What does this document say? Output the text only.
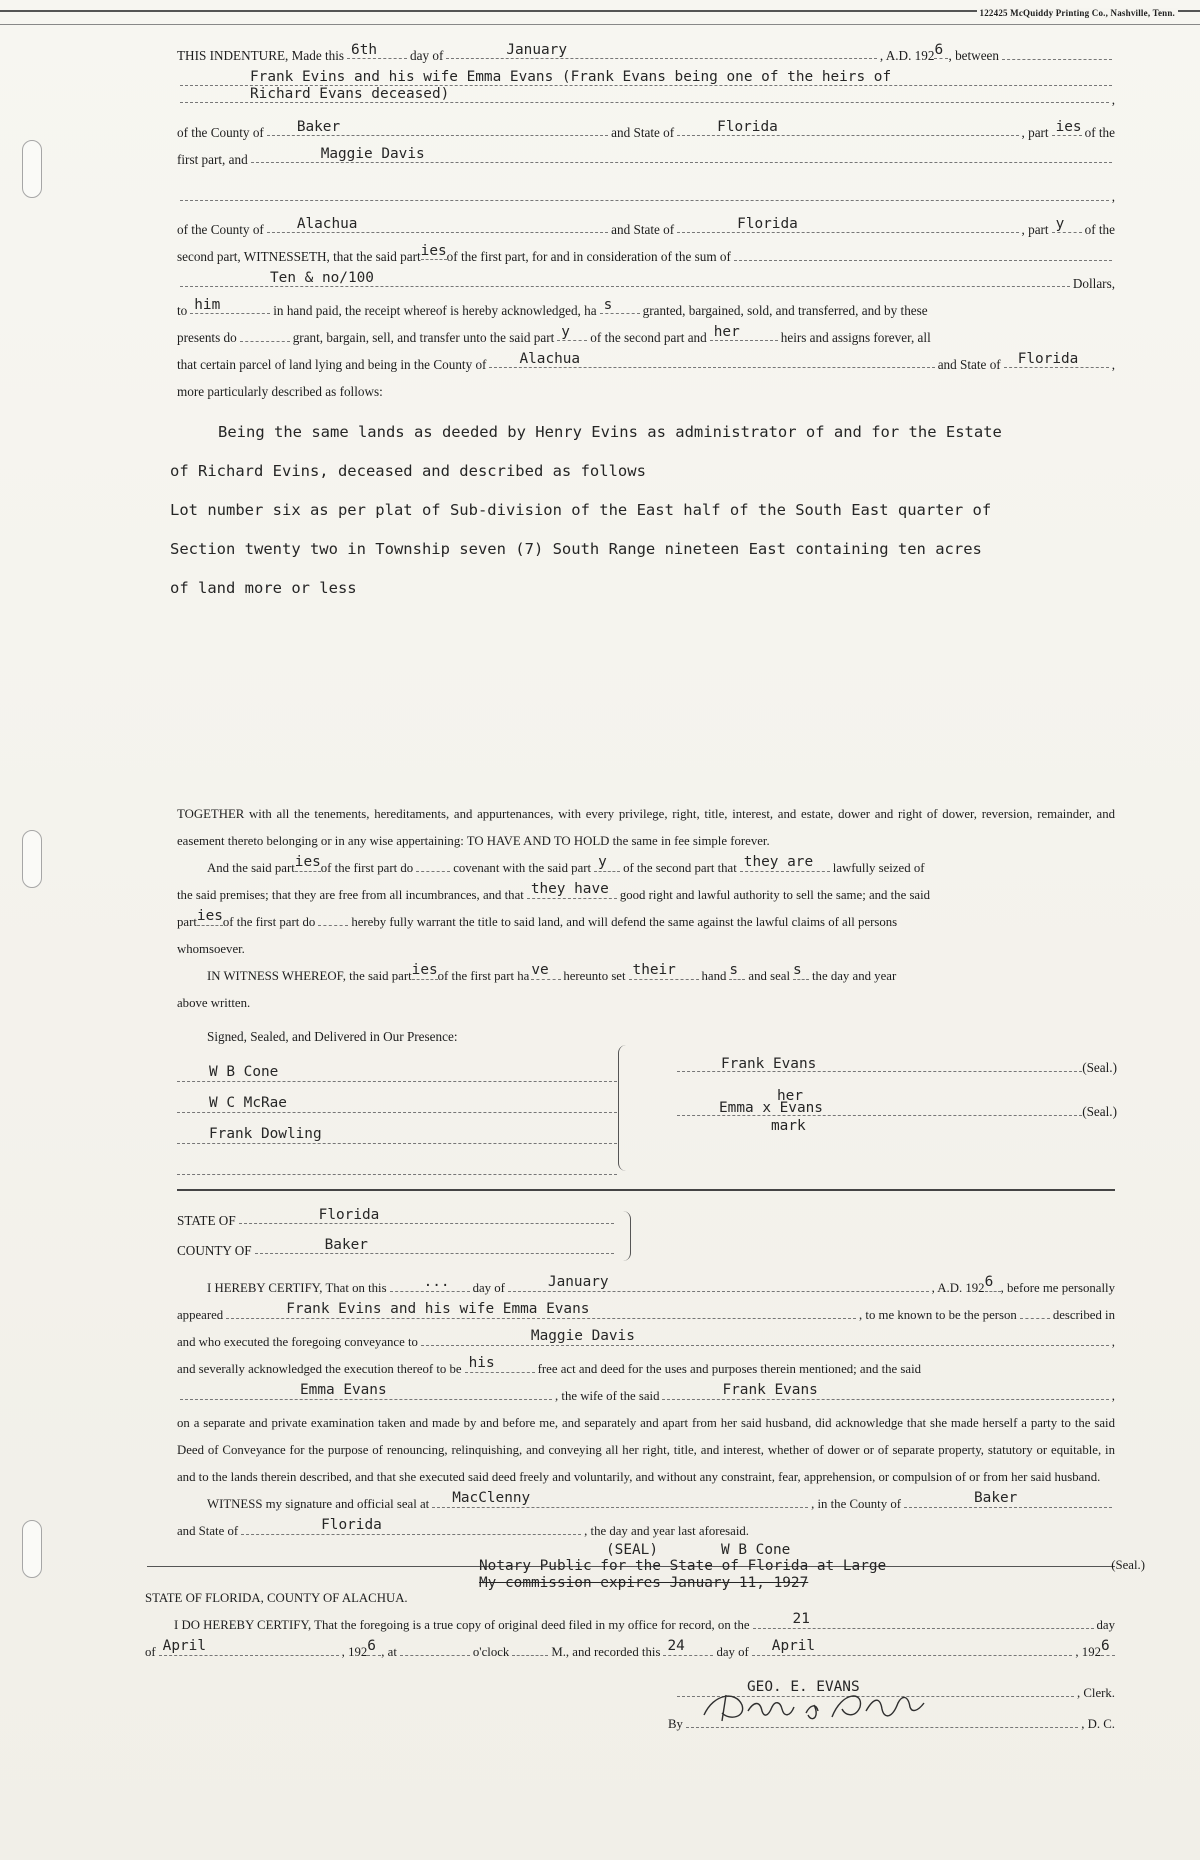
122425 McQuiddy Printing Co., Nashville, Tenn.
THIS INDENTURE, Made this 6th	day of	January	, A.D. 192 6 , between
Frank Evins and his wife Emma Evans (Frank Evans being one of the heirs of
Richard Evans deceased)	,
of the County of	Baker	and State of	Florida	, part ies of the
first part, and	Maggie Davis
,
of the County of	Alachua	and State of	Florida	, part y	of the
second part, WITNESSETH, that the said part ies of the first part, for and in consideration of the sum of
Ten & no/100	Dollars,
to him	in hand paid, the receipt whereof is hereby acknowledged, ha s	granted, bargained, sold, and transferred, and by these
presents do	grant, bargain, sell, and transfer unto the said part y	of the second part and her	heirs and assigns forever, all
that certain parcel of land lying and being in the County of	Alachua	and State of	Florida	,
more particularly described as follows:
Being the same lands as deeded by Henry Evins as administrator of and for the Estate
of Richard Evins, deceased and described as follows
Lot number six as per plat of Sub-division of the East half of the South East quarter of
Section twenty two in Township seven (7) South Range nineteen East containing ten acres
of land more or less

TOGETHER with all the tenements, hereditaments, and appurtenances, with every privilege, right, title, interest, and estate, dower and right of dower, reversion, remainder, and easement thereto belonging or in any wise appertaining: TO HAVE AND TO HOLD the same in fee simple forever.

And the said part ies of the first part do	covenant with the said part y	of the second part that they are	lawfully seized of
the said premises; that they are free from all incumbrances, and that they have good right and lawful authority to sell the same; and the said
part ies of the first part do	hereby fully warrant the title to said land, and will defend the same against the lawful claims of all persons
whomsoever.
IN WITNESS WHEREOF, the said part ies of the first part ha ve	hereunto set their	hand s and seal s the day and year
above written.
Signed, Sealed, and Delivered in Our Presence:
W B Cone
W C McRae
Frank Dowling
Frank Evans	(Seal.)
her
Emma x Evans	(Seal.)
mark
STATE OF	Florida
COUNTY OF	Baker
I HEREBY CERTIFY, That on this	...	day of	January	, A.D. 192 6 , before me personally
appeared	Frank Evins and his wife Emma Evans	, to me known to be the person	described in
and who executed the foregoing conveyance to	Maggie Davis	,
and severally acknowledged the execution thereof to be his	free act and deed for the uses and purposes therein mentioned; and the said
Emma Evans	, the wife of the said	Frank Evans	,

on a separate and private examination taken and made by and before me, and separately and apart from her said husband, did acknowledge that she made herself a party to the said Deed of Conveyance for the purpose of renouncing, relinquishing, and conveying all her right, title, and interest, whether of dower or of separate property, statutory or equitable, in and to the lands therein described, and that she executed said deed freely and voluntarily, and without any constraint, fear, apprehension, or compulsion of or from her said husband.

WITNESS my signature and official seal at	MacClenny	, in the County of	Baker
and State of	Florida	, the day and year last aforesaid.
(SEAL)	W B Cone
Notary Public for the State of Florida at Large	(Seal.)
My commission expires January 11, 1927
STATE OF FLORIDA, COUNTY OF ALACHUA.
I DO HEREBY CERTIFY, That the foregoing is a true copy of original deed filed in my office for record, on the	21	day
of April	, 192 6 , at	o'clock	M., and recorded this 24	day of	April	, 192 6
GEO. E. EVANS	, Clerk.
By	, D. C.
